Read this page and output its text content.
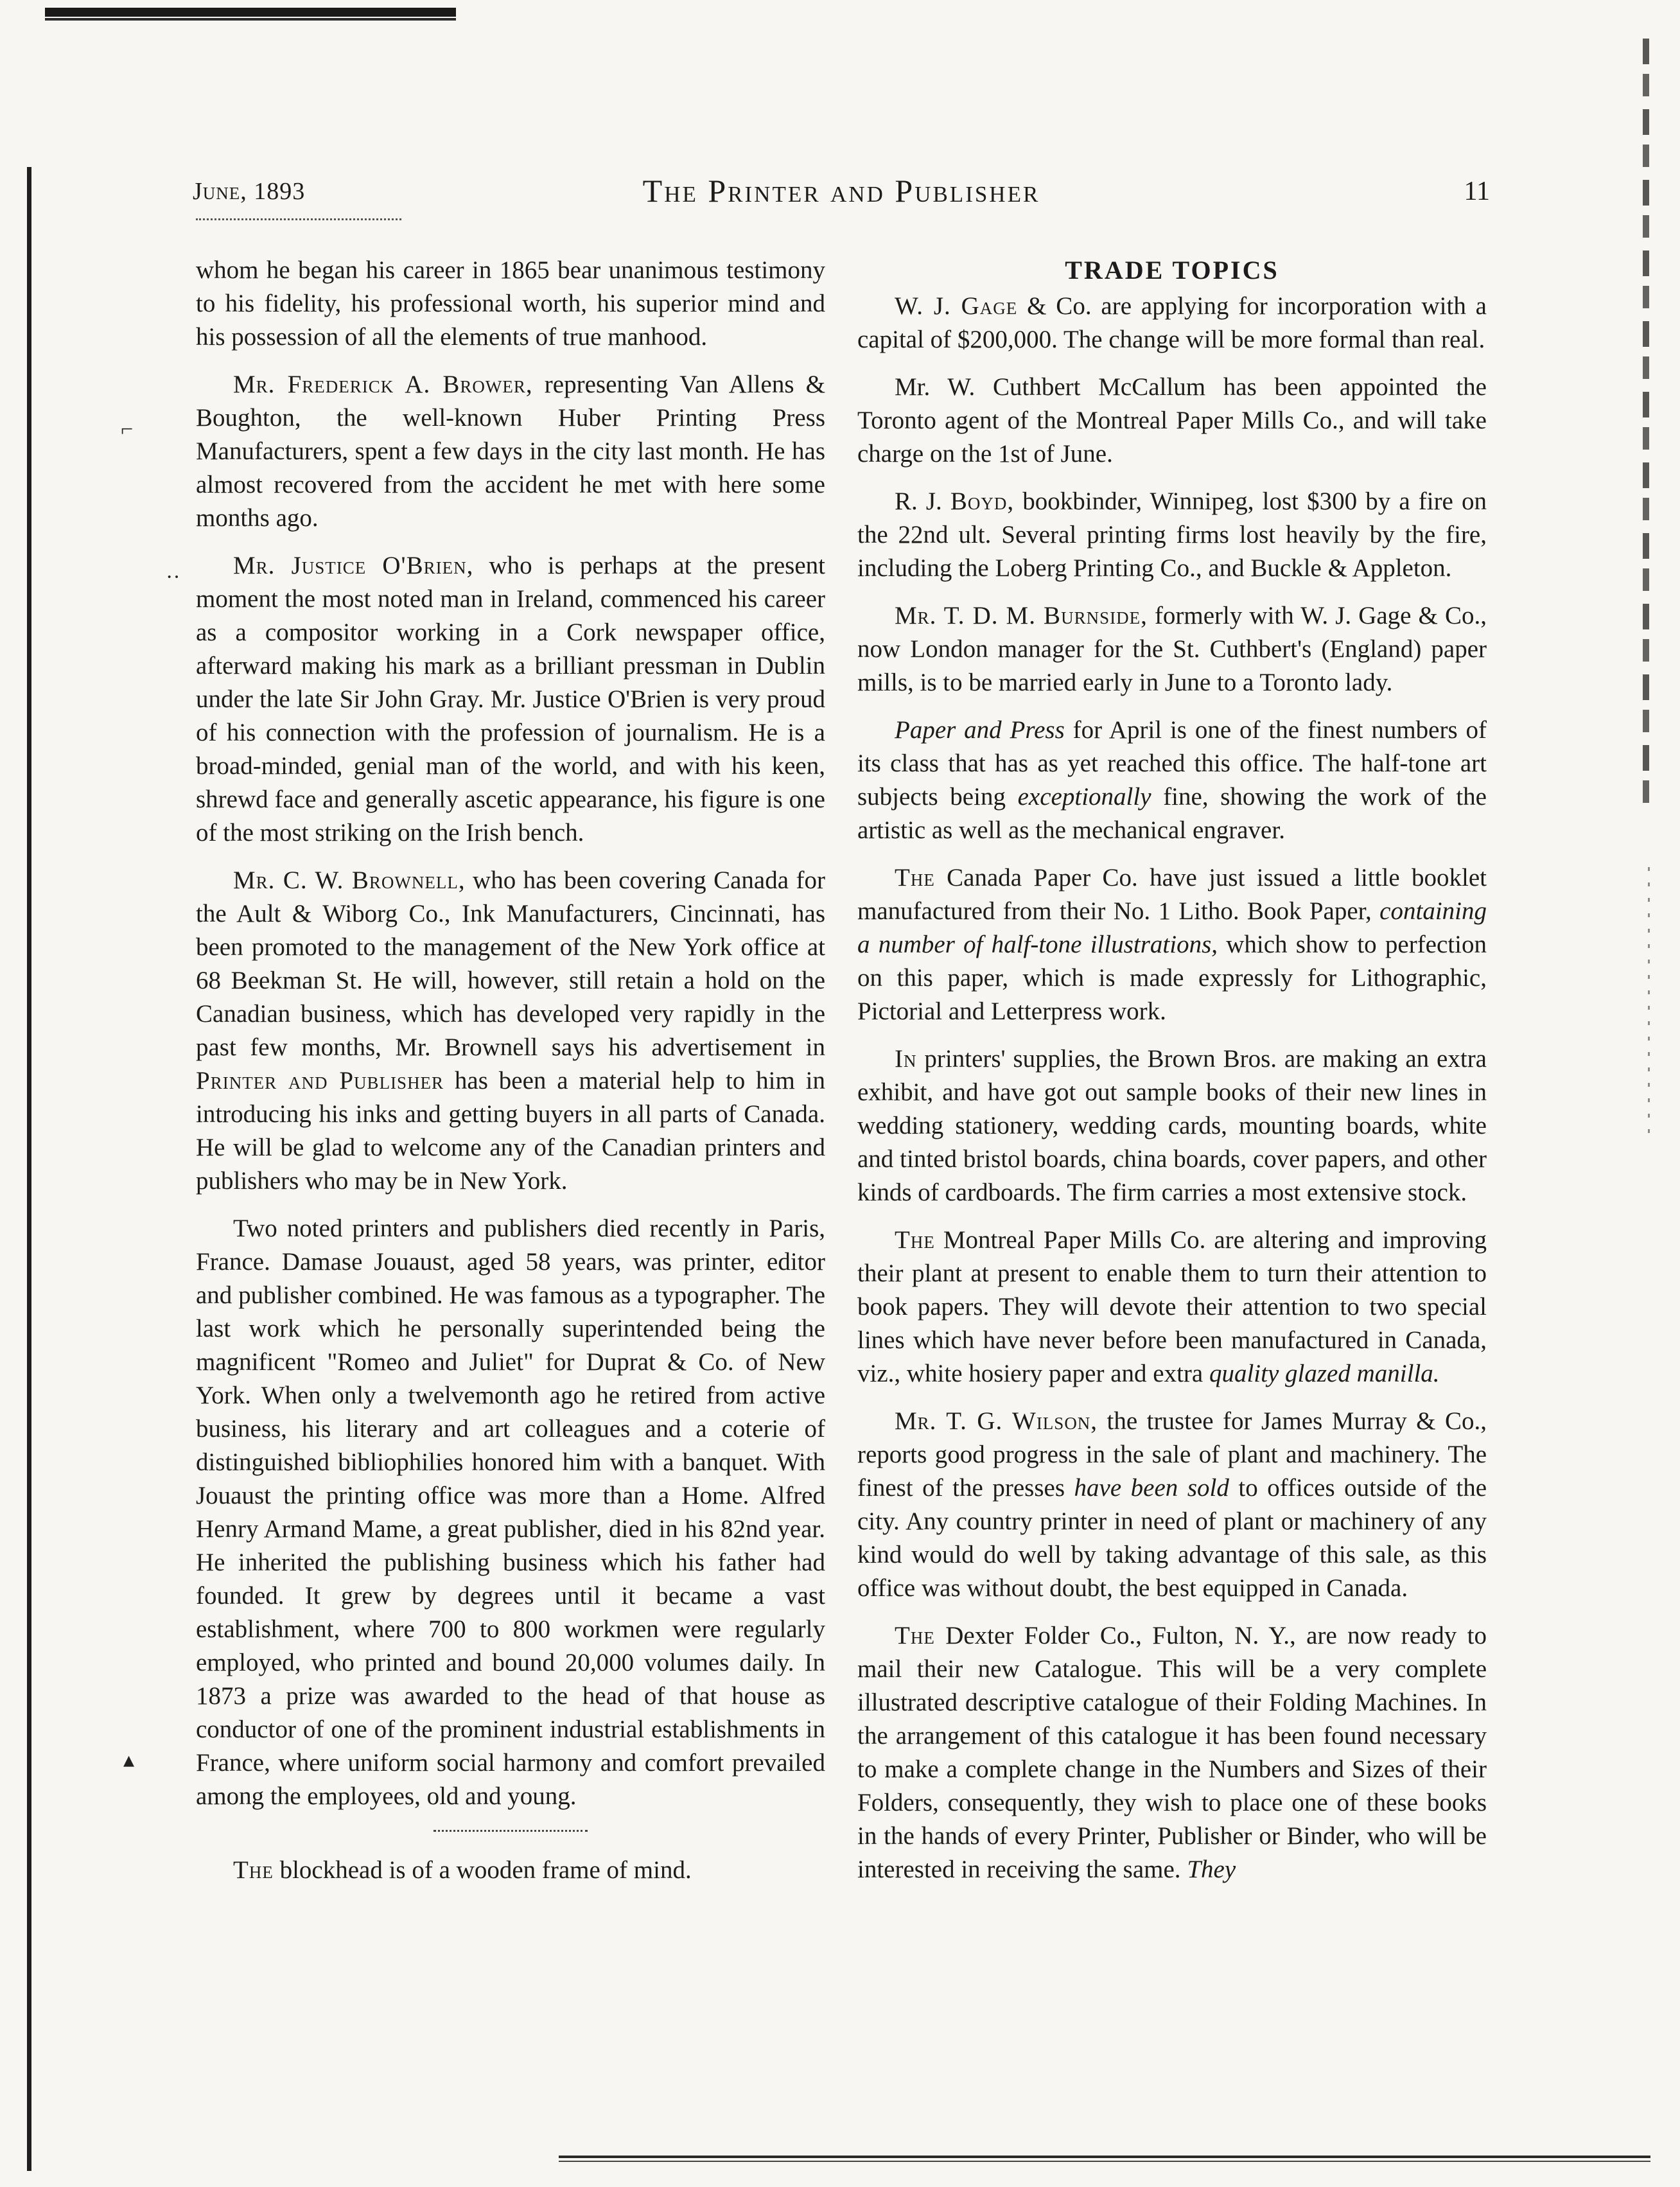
⌐
··
▴
The Printer and Publisher
June, 1893	11

whom he began his career in 1865 bear unanimous testimony to his fidelity, his professional worth, his superior mind and his possession of all the elements of true manhood.

Mr. Frederick A. Brower, representing Van Allens & Boughton, the well-known Huber Printing Press Manufacturers, spent a few days in the city last month. He has almost recovered from the accident he met with here some months ago.

Mr. Justice O'Brien, who is perhaps at the present moment the most noted man in Ireland, commenced his career as a compositor working in a Cork newspaper office, afterward making his mark as a brilliant pressman in Dublin under the late Sir John Gray. Mr. Justice O'Brien is very proud of his connection with the profession of journalism. He is a broad-minded, genial man of the world, and with his keen, shrewd face and generally ascetic appearance, his figure is one of the most striking on the Irish bench.

Mr. C. W. Brownell, who has been covering Canada for the Ault & Wiborg Co., Ink Manufacturers, Cincinnati, has been promoted to the management of the New York office at 68 Beekman St. He will, however, still retain a hold on the Canadian business, which has developed very rapidly in the past few months, Mr. Brownell says his advertisement in Printer and Publisher has been a material help to him in introducing his inks and getting buyers in all parts of Canada. He will be glad to welcome any of the Canadian printers and publishers who may be in New York.

Two noted printers and publishers died recently in Paris, France. Damase Jouaust, aged 58 years, was printer, editor and publisher combined. He was famous as a typographer. The last work which he personally superintended being the magnificent "Romeo and Juliet" for Duprat & Co. of New York. When only a twelvemonth ago he retired from active business, his literary and art colleagues and a coterie of distinguished bibliophilies honored him with a banquet. With Jouaust the printing office was more than a Home. Alfred Henry Armand Mame, a great publisher, died in his 82nd year. He inherited the publishing business which his father had founded. It grew by degrees until it became a vast establishment, where 700 to 800 workmen were regularly employed, who printed and bound 20,000 volumes daily. In 1873 a prize was awarded to the head of that house as conductor of one of the prominent industrial establishments in France, where uniform social harmony and comfort prevailed among the employees, old and young.

The blockhead is of a wooden frame of mind.

TRADE TOPICS

W. J. Gage & Co. are applying for incorporation with a capital of $200,000. The change will be more formal than real.

Mr. W. Cuthbert McCallum has been appointed the Toronto agent of the Montreal Paper Mills Co., and will take charge on the 1st of June.

R. J. Boyd, bookbinder, Winnipeg, lost $300 by a fire on the 22nd ult. Several printing firms lost heavily by the fire, including the Loberg Printing Co., and Buckle & Appleton.

Mr. T. D. M. Burnside, formerly with W. J. Gage & Co., now London manager for the St. Cuthbert's (England) paper mills, is to be married early in June to a Toronto lady.

Paper and Press for April is one of the finest numbers of its class that has as yet reached this office. The half-tone art subjects being exceptionally fine, showing the work of the artistic as well as the mechanical engraver.

The Canada Paper Co. have just issued a little booklet manufactured from their No. 1 Litho. Book Paper, containing a number of half-tone illustrations, which show to perfection on this paper, which is made expressly for Lithographic, Pictorial and Letterpress work.

In printers' supplies, the Brown Bros. are making an extra exhibit, and have got out sample books of their new lines in wedding stationery, wedding cards, mounting boards, white and tinted bristol boards, china boards, cover papers, and other kinds of cardboards. The firm carries a most extensive stock.

The Montreal Paper Mills Co. are altering and improving their plant at present to enable them to turn their attention to book papers. They will devote their attention to two special lines which have never before been manufactured in Canada, viz., white hosiery paper and extra quality glazed manilla.

Mr. T. G. Wilson, the trustee for James Murray & Co., reports good progress in the sale of plant and machinery. The finest of the presses have been sold to offices outside of the city. Any country printer in need of plant or machinery of any kind would do well by taking advantage of this sale, as this office was without doubt, the best equipped in Canada.

The Dexter Folder Co., Fulton, N. Y., are now ready to mail their new Catalogue. This will be a very complete illustrated descriptive catalogue of their Folding Machines. In the arrangement of this catalogue it has been found necessary to make a complete change in the Numbers and Sizes of their Folders, consequently, they wish to place one of these books in the hands of every Printer, Publisher or Binder, who will be interested in receiving the same. They
